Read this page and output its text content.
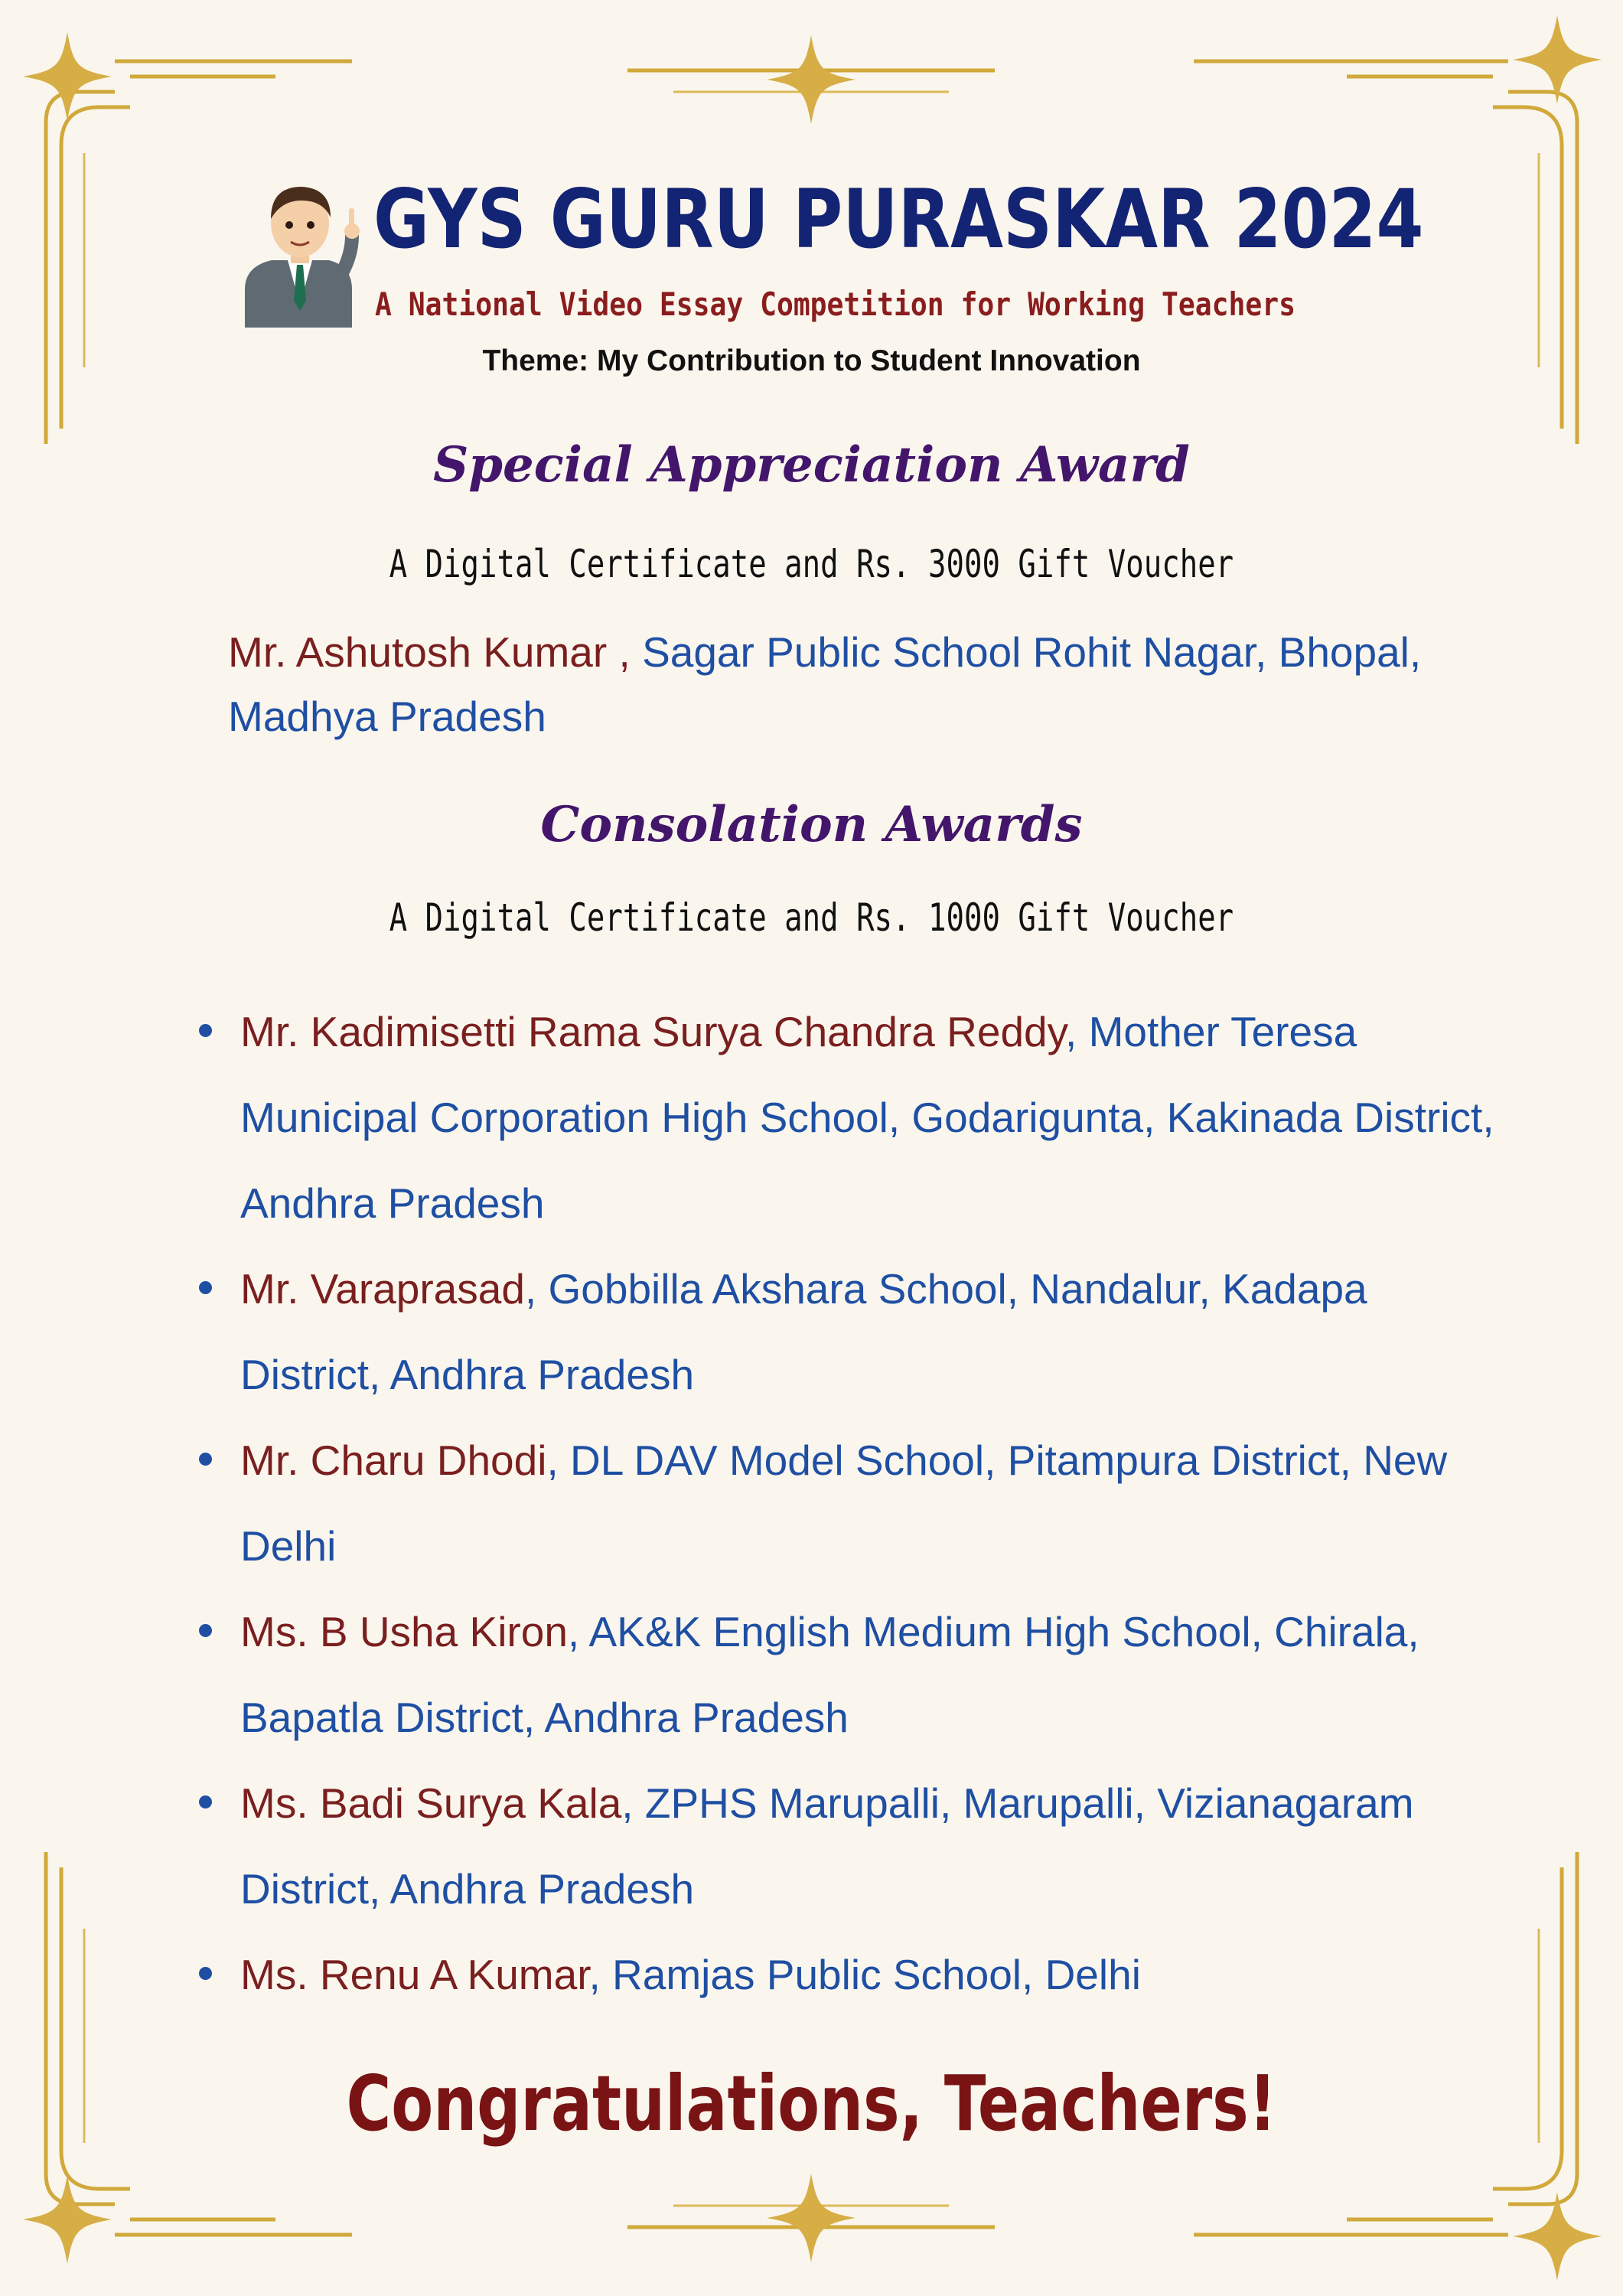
GYS GURU PURASKAR 2024
A National Video Essay Competition for Working Teachers
Theme: My Contribution to Student Innovation
Special Appreciation Award
A Digital Certificate and Rs. 3000 Gift Voucher
Mr. Ashutosh Kumar , Sagar Public School Rohit Nagar, Bhopal, Madhya Pradesh
Consolation Awards
A Digital Certificate and Rs. 1000 Gift Voucher
Mr. Kadimisetti Rama Surya Chandra Reddy, Mother Teresa Municipal Corporation High School, Godarigunta, Kakinada District, Andhra Pradesh
Mr. Varaprasad, Gobbilla Akshara School, Nandalur, Kadapa District, Andhra Pradesh
Mr. Charu Dhodi, DL DAV Model School, Pitampura District, New Delhi
Ms. B Usha Kiron, AK&K English Medium High School, Chirala, Bapatla District, Andhra Pradesh
Ms. Badi Surya Kala, ZPHS Marupalli, Marupalli, Vizianagaram District, Andhra Pradesh
Ms. Renu A Kumar, Ramjas Public School, Delhi
Congratulations, Teachers!
